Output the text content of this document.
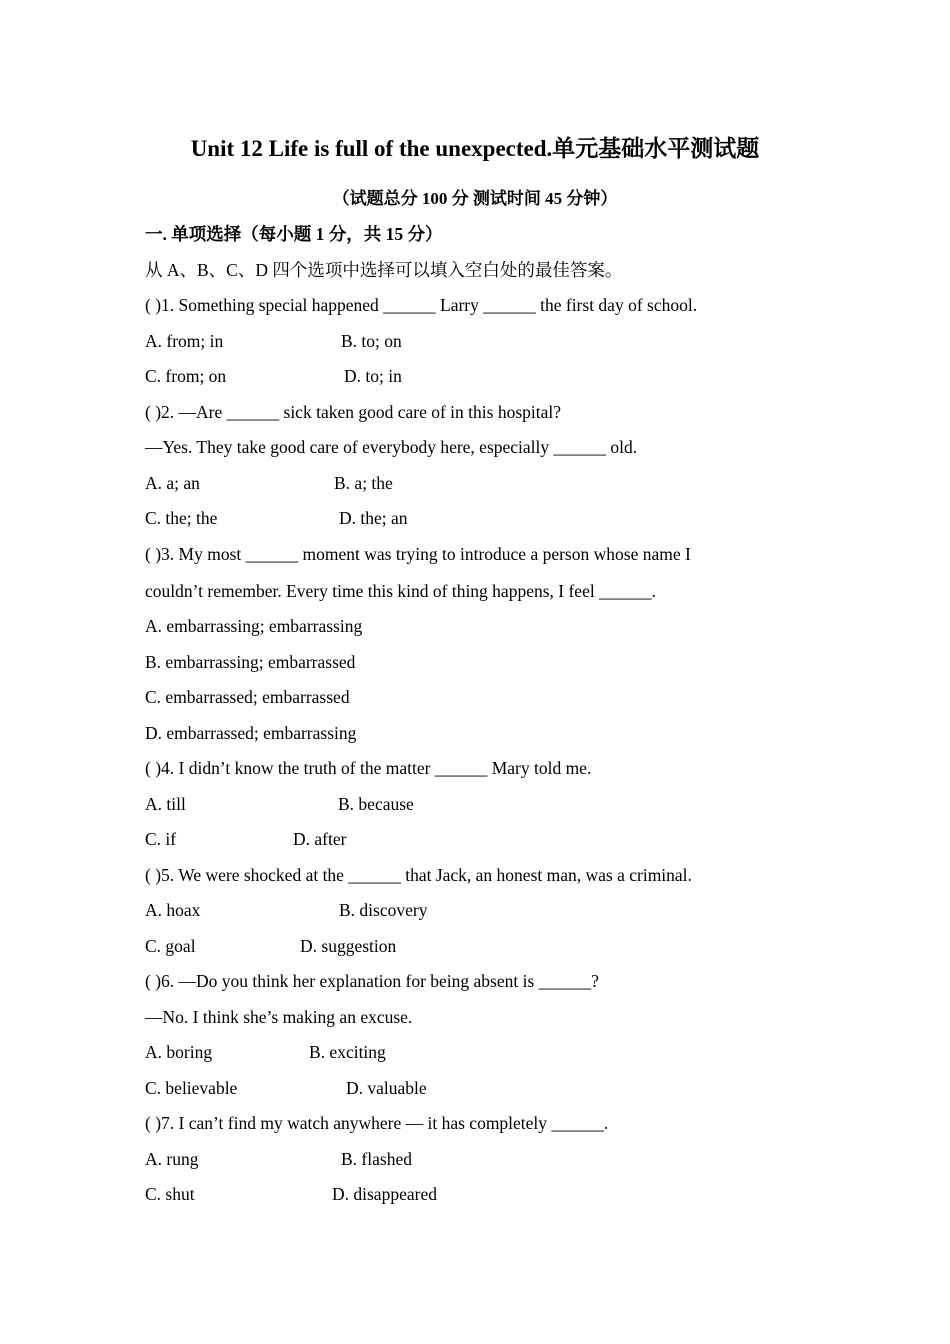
Unit 12 Life is full of the unexpected.单元基础水平测试题
（试题总分 100 分 测试时间 45 分钟）
一. 单项选择（每小题 1 分，共 15 分）
从 A、B、C、D 四个选项中选择可以填入空白处的最佳答案。
( )1. Something special happened ______ Larry ______ the first day of school.
A. from; in	B. to; on
C. from; on	D. to; in
( )2. —Are ______ sick taken good care of in this hospital?
—Yes. They take good care of everybody here, especially ______ old.
A. a; an	B. a; the
C. the; the	D. the; an
( )3. My most ______ moment was trying to introduce a person whose name I
couldn’t remember. Every time this kind of thing happens, I feel ______.
A. embarrassing; embarrassing
B. embarrassing; embarrassed
C. embarrassed; embarrassed
D. embarrassed; embarrassing
( )4. I didn’t know the truth of the matter ______ Mary told me.
A. till	B. because
C. if	D. after
( )5. We were shocked at the ______ that Jack, an honest man, was a criminal.
A. hoax	B. discovery
C. goal	D. suggestion
( )6. —Do you think her explanation for being absent is ______?
—No. I think she’s making an excuse.
A. boring	B. exciting
C. believable	D. valuable
( )7. I can’t find my watch anywhere — it has completely ______.
A. rung	B. flashed
C. shut	D. disappeared
